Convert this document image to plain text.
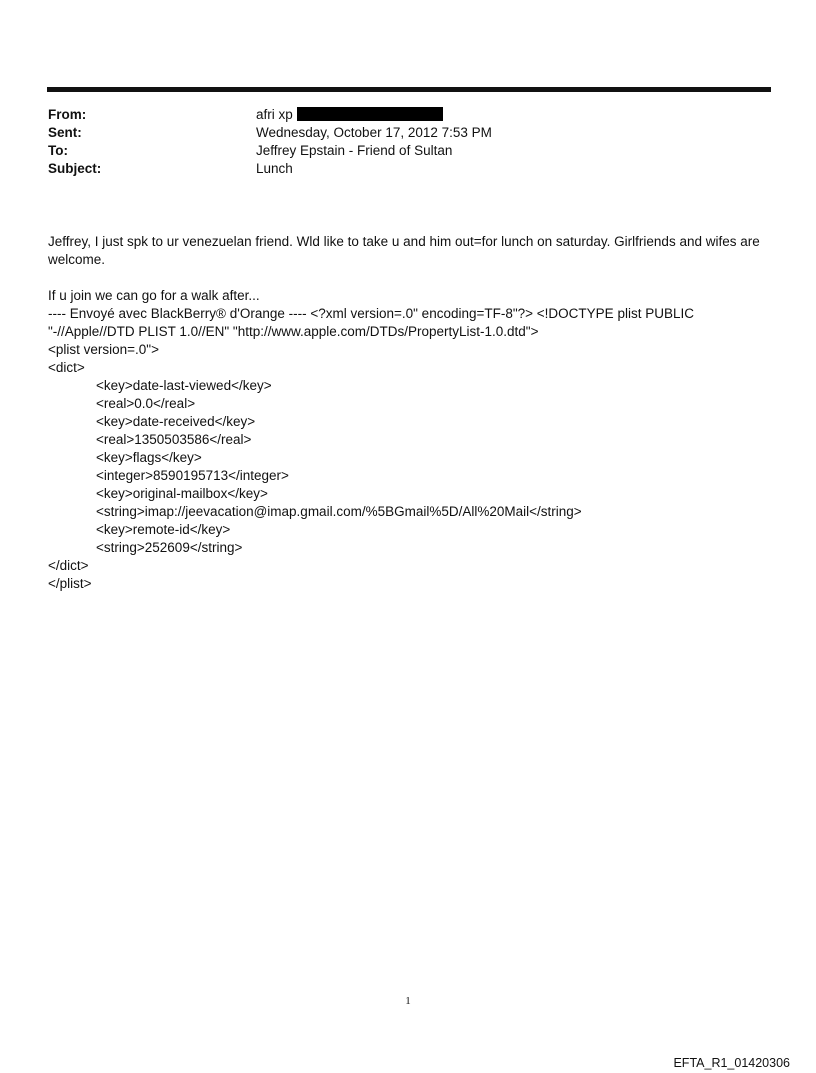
From:	afri xp
Sent:	Wednesday, October 17, 2012 7:53 PM
To:	Jeffrey Epstain - Friend of Sultan
Subject:	Lunch

Jeffrey, I just spk to ur venezuelan friend. Wld like to take u and him out=for lunch on saturday. Girlfriends and wifes are welcome.

If u join we can go for a walk after...

---- Envoyé avec BlackBerry® d'Orange ---- <?xml version=.0" encoding=TF-8"?> <!DOCTYPE plist PUBLIC "-//Apple//DTD PLIST 1.0//EN" "http://www.apple.com/DTDs/PropertyList-1.0.dtd">

<plist version=.0">
<dict>
<key>date-last-viewed</key>
<real>0.0</real>
<key>date-received</key>
<real>1350503586</real>
<key>flags</key>
<integer>8590195713</integer>
<key>original-mailbox</key>
<string>imap://jeevacation@imap.gmail.com/%5BGmail%5D/All%20Mail</string>
<key>remote-id</key>
<string>252609</string>
</dict>
</plist>
1
EFTA_R1_01420306
